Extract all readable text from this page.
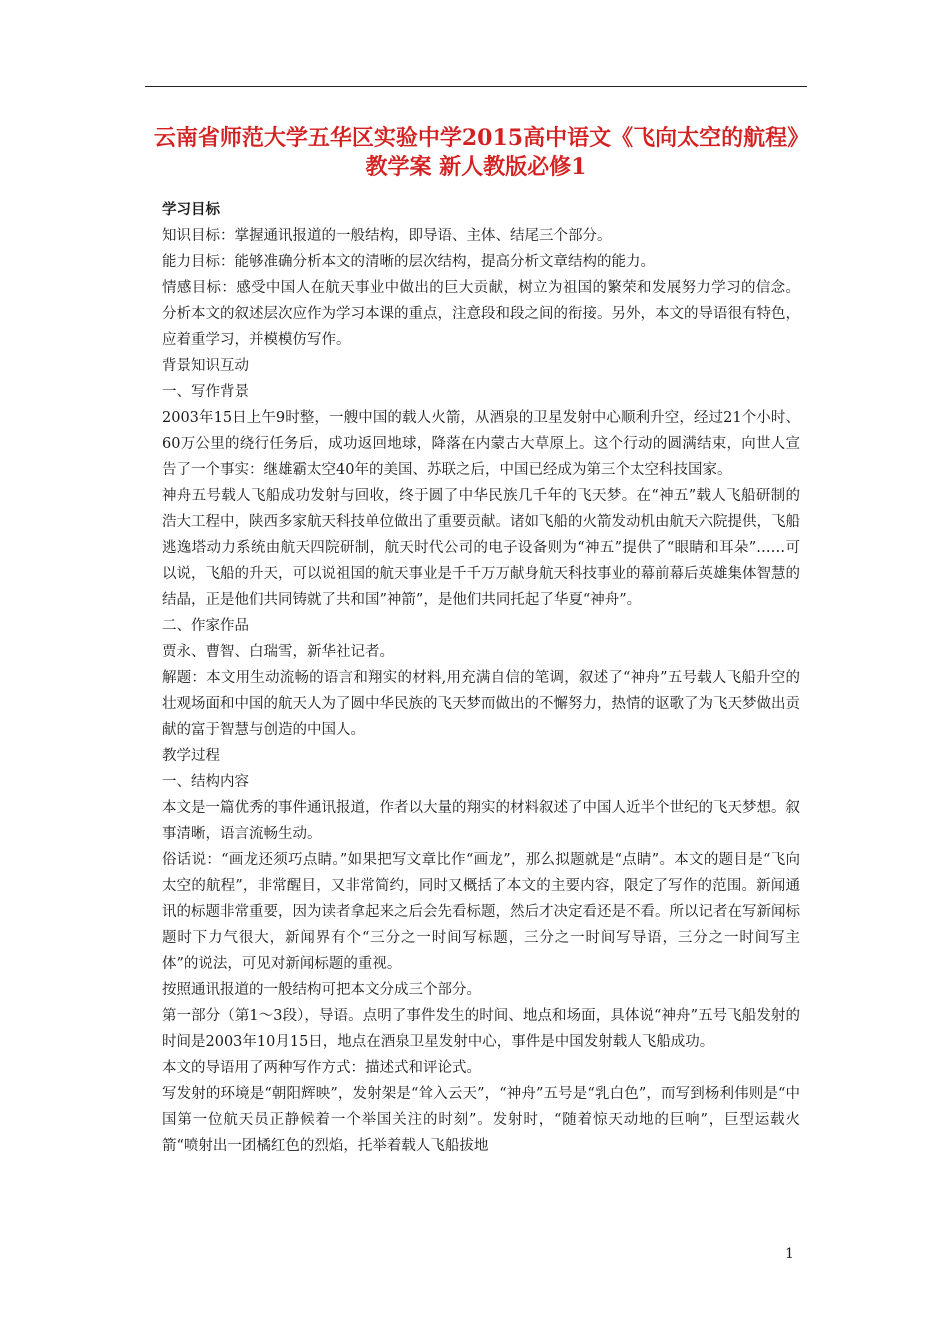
云南省师范大学五华区实验中学2015高中语文《飞向太空的航程》教学案 新人教版必修1

学习目标

知识目标：掌握通讯报道的一般结构，即导语、主体、结尾三个部分。

能力目标：能够准确分析本文的清晰的层次结构，提高分析文章结构的能力。

情感目标：感受中国人在航天事业中做出的巨大贡献，树立为祖国的繁荣和发展努力学习的信念。 分析本文的叙述层次应作为学习本课的重点，注意段和段之间的衔接。另外，本文的导语很有特色，应着重学习，并模模仿写作。

背景知识互动

一、写作背景

2003年15日上午9时整，一艘中国的载人火箭，从酒泉的卫星发射中心顺利升空，经过21个小时、60万公里的绕行任务后，成功返回地球，降落在内蒙古大草原上。这个行动的圆满结束，向世人宣告了一个事实：继雄霸太空40年的美国、苏联之后，中国已经成为第三个太空科技国家。

神舟五号载人飞船成功发射与回收，终于圆了中华民族几千年的飞天梦。在“神五”载人飞船研制的浩大工程中，陕西多家航天科技单位做出了重要贡献。诸如飞船的火箭发动机由航天六院提供，飞船逃逸塔动力系统由航天四院研制，航天时代公司的电子设备则为“神五”提供了“眼睛和耳朵”……可以说，飞船的升天，可以说祖国的航天事业是千千万万献身航天科技事业的幕前幕后英雄集体智慧的结晶，正是他们共同铸就了共和国”神箭”，是他们共同托起了华夏“神舟”。

二、作家作品

贾永、曹智、白瑞雪，新华社记者。

解题：本文用生动流畅的语言和翔实的材料,用充满自信的笔调，叙述了“神舟”五号载人飞船升空的壮观场面和中国的航天人为了圆中华民族的飞天梦而做出的不懈努力，热情的讴歌了为飞天梦做出贡献的富于智慧与创造的中国人。

教学过程

一、结构内容

本文是一篇优秀的事件通讯报道，作者以大量的翔实的材料叙述了中国人近半个世纪的飞天梦想。叙事清晰，语言流畅生动。

俗话说：“画龙还须巧点睛。”如果把写文章比作“画龙”，那么拟题就是“点睛”。本文的题目是“飞向太空的航程”，非常醒目，又非常简约，同时又概括了本文的主要内容，限定了写作的范围。新闻通讯的标题非常重要，因为读者拿起来之后会先看标题，然后才决定看还是不看。所以记者在写新闻标题时下力气很大，新闻界有个“三分之一时间写标题，三分之一时间写导语，三分之一时间写主体”的说法，可见对新闻标题的重视。

按照通讯报道的一般结构可把本文分成三个部分。

第一部分（第1～3段），导语。点明了事件发生的时间、地点和场面，具体说“神舟”五号飞船发射的时间是2003年10月15日，地点在酒泉卫星发射中心，事件是中国发射载人飞船成功。

本文的导语用了两种写作方式：描述式和评论式。

写发射的环境是“朝阳辉映”，发射架是“耸入云天”，“神舟”五号是“乳白色”，而写到杨利伟则是“中国第一位航天员正静候着一个举国关注的时刻”。发射时，“随着惊天动地的巨响”，巨型运载火箭“喷射出一团橘红色的烈焰，托举着载人飞船拔地

1
